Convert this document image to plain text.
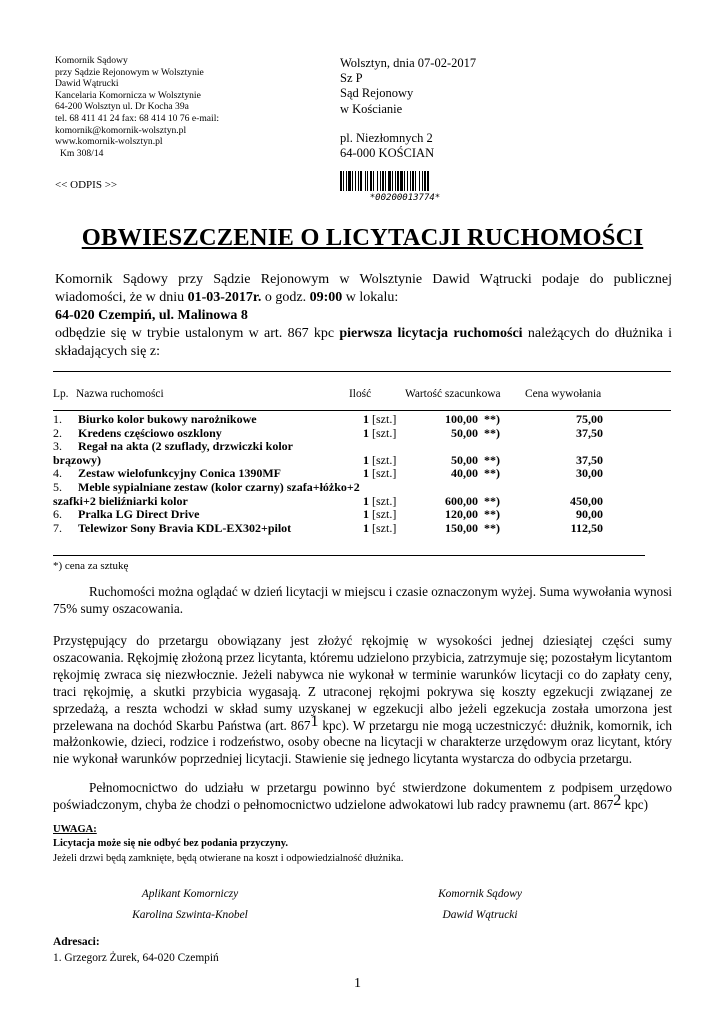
Komornik Sądowy
przy Sądzie Rejonowym w Wolsztynie
Dawid Wątrucki
Kancelaria Komornicza w Wolsztynie
64-200 Wolsztyn ul. Dr Kocha 39a
tel. 68 411 41 24 fax: 68 414 10 76 e-mail:
komornik@komornik-wolsztyn.pl
www.komornik-wolsztyn.pl
Km 308/14
Wolsztyn, dnia 07-02-2017
Sz P
Sąd Rejonowy
w Kościanie
pl. Niezłomnych 2
64-000 KOŚCIAN
<< ODPIS >>
*00200013774*
OBWIESZCZENIE O LICYTACJI RUCHOMOŚCI
Komornik Sądowy przy Sądzie Rejonowym w Wolsztynie Dawid Wątrucki podaje do publicznej wiadomości, że w dniu 01-03-2017r. o godz. 09:00 w lokalu:
64-020 Czempiń, ul. Malinowa 8
odbędzie się w trybie ustalonym w art. 867 kpc pierwsza licytacja ruchomości należących do dłużnika i składających się z:
Lp. Nazwa ruchomości	Ilość	Wartość szacunkowa Cena wywołania
1. Biurko kolor bukowy narożnikowe	1 [szt.]	100,00 **)	75,00
2. Kredens częściowo oszklony	1 [szt.]	50,00 **)	37,50
3. Regał na akta (2 szuflady, drzwiczki kolor
brązowy)	1 [szt.]	50,00 **)	37,50
4. Zestaw wielofunkcyjny Conica 1390MF	1 [szt.]	40,00 **)	30,00
5. Meble sypialniane zestaw (kolor czarny) szafa+łóżko+2
szafki+2 bieliźniarki kolor	1 [szt.]	600,00 **)	450,00
6. Pralka LG Direct Drive	1 [szt.]	120,00 **)	90,00
7. Telewizor Sony Bravia KDL-EX302+pilot	1 [szt.]	150,00 **)	112,50
*) cena za sztukę
Ruchomości można oglądać w dzień licytacji w miejscu i czasie oznaczonym wyżej. Suma wywołania wynosi 75% sumy oszacowania.
Przystępujący do przetargu obowiązany jest złożyć rękojmię w wysokości jednej dziesiątej części sumy oszacowania. Rękojmię złożoną przez licytanta, któremu udzielono przybicia, zatrzymuje się; pozostałym licytantom rękojmię zwraca się niezwłocznie. Jeżeli nabywca nie wykonał w terminie warunków licytacji co do zapłaty ceny, traci rękojmię, a skutki przybicia wygasają. Z utraconej rękojmi pokrywa się koszty egzekucji związanej ze sprzedażą, a reszta wchodzi w skład sumy uzyskanej w egzekucji albo jeżeli egzekucja została umorzona jest przelewana na dochód Skarbu Państwa (art. 8671 kpc). W przetargu nie mogą uczestniczyć: dłużnik, komornik, ich małżonkowie, dzieci, rodzice i rodzeństwo, osoby obecne na licytacji w charakterze urzędowym oraz licytant, który nie wykonał warunków poprzedniej licytacji. Stawienie się jednego licytanta wystarcza do odbycia przetargu.
Pełnomocnictwo do udziału w przetargu powinno być stwierdzone dokumentem z podpisem urzędowo poświadczonym, chyba że chodzi o pełnomocnictwo udzielone adwokatowi lub radcy prawnemu (art. 8672 kpc)
UWAGA:
Licytacja może się nie odbyć bez podania przyczyny.
Jeżeli drzwi będą zamknięte, będą otwierane na koszt i odpowiedzialność dłużnika.
Aplikant Komorniczy
Karolina Szwinta-Knobel
Komornik Sądowy
Dawid Wątrucki
Adresaci:
1. Grzegorz Żurek, 64-020 Czempiń
1
